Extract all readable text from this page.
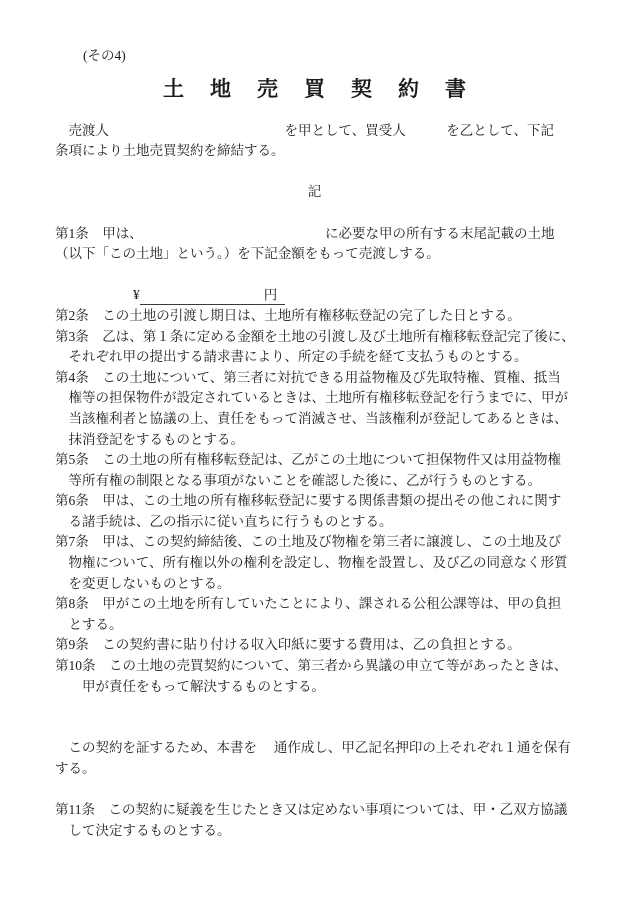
(その4)
土地売買契約書
　売渡人　　　　　　　　　　　　　を甲として、買受人　　　を乙として、下記
条項により土地売買契約を締結する。
記
第1条　甲は、　　　　　　　　　　　　　　に必要な甲の所有する末尾記載の土地
（以下「この土地」という。）を下記金額をもって売渡しする。
¥	円
第2条　この土地の引渡し期日は、土地所有権移転登記の完了した日とする。
第3条　乙は、第１条に定める金額を土地の引渡し及び土地所有権移転登記完了後に、
　それぞれ甲の提出する請求書により、所定の手続を経て支払うものとする。
第4条　この土地について、第三者に対抗できる用益物権及び先取特権、質権、抵当
　権等の担保物件が設定されているときは、土地所有権移転登記を行うまでに、甲が
　当該権利者と協議の上、責任をもって消滅させ、当該権利が登記してあるときは、
　抹消登記をするものとする。
第5条　この土地の所有権移転登記は、乙がこの土地について担保物件又は用益物権
　等所有権の制限となる事項がないことを確認した後に、乙が行うものとする。
第6条　甲は、この土地の所有権移転登記に要する関係書類の提出その他これに関す
　る諸手続は、乙の指示に従い直ちに行うものとする。
第7条　甲は、この契約締結後、この土地及び物権を第三者に譲渡し、この土地及び
　物権について、所有権以外の権利を設定し、物権を設置し、及び乙の同意なく形質
　を変更しないものとする。
第8条　甲がこの土地を所有していたことにより、課される公租公課等は、甲の負担
　とする。
第9条　この契約書に貼り付ける収入印紙に要する費用は、乙の負担とする。
第10条　この土地の売買契約について、第三者から異議の申立て等があったときは、
　　甲が責任をもって解決するものとする。
　この契約を証するため、本書を　 通作成し、甲乙記名押印の上それぞれ１通を保有
する。
第11条　この契約に疑義を生じたとき又は定めない事項については、甲・乙双方協議
　して決定するものとする。
